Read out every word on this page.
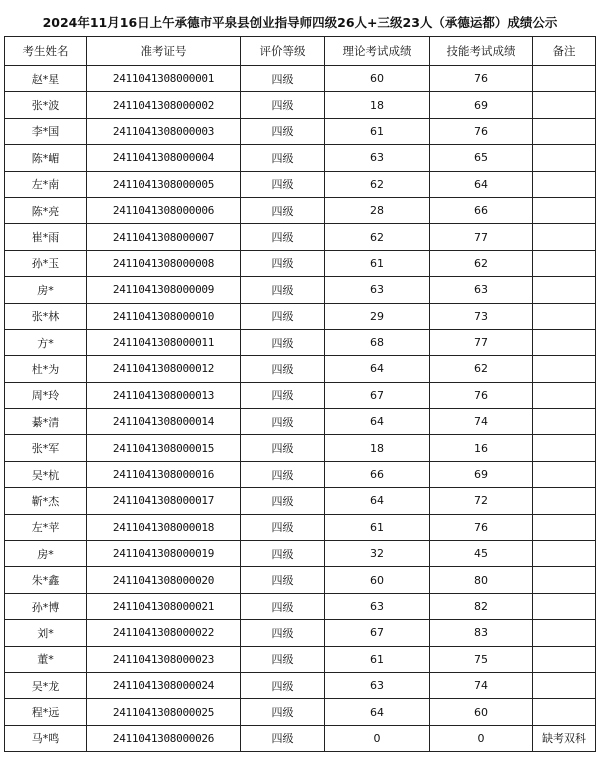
2024年11月16日上午承德市平泉县创业指导师四级26人+三级23人（承德运都）成绩公示
考生姓名	准考证号	评价等级	理论考试成绩	技能考试成绩	备注
赵*星	2411041308000001	四级	60	76	
张*波	2411041308000002	四级	18	69	
李*国	2411041308000003	四级	61	76	
陈*嵋	2411041308000004	四级	63	65	
左*南	2411041308000005	四级	62	64	
陈*亮	2411041308000006	四级	28	66	
崔*雨	2411041308000007	四级	62	77	
孙*玉	2411041308000008	四级	61	62	
房*	2411041308000009	四级	63	63	
张*林	2411041308000010	四级	29	73	
方*	2411041308000011	四级	68	77	
杜*为	2411041308000012	四级	64	62	
周*玲	2411041308000013	四级	67	76	
綦*清	2411041308000014	四级	64	74	
张*军	2411041308000015	四级	18	16	
吴*杭	2411041308000016	四级	66	69	
靳*杰	2411041308000017	四级	64	72	
左*苹	2411041308000018	四级	61	76	
房*	2411041308000019	四级	32	45	
朱*鑫	2411041308000020	四级	60	80	
孙*博	2411041308000021	四级	63	82	
刘*	2411041308000022	四级	67	83	
董*	2411041308000023	四级	61	75	
吴*龙	2411041308000024	四级	63	74	
程*远	2411041308000025	四级	64	60	
马*鸣	2411041308000026	四级	0	0	缺考双科
